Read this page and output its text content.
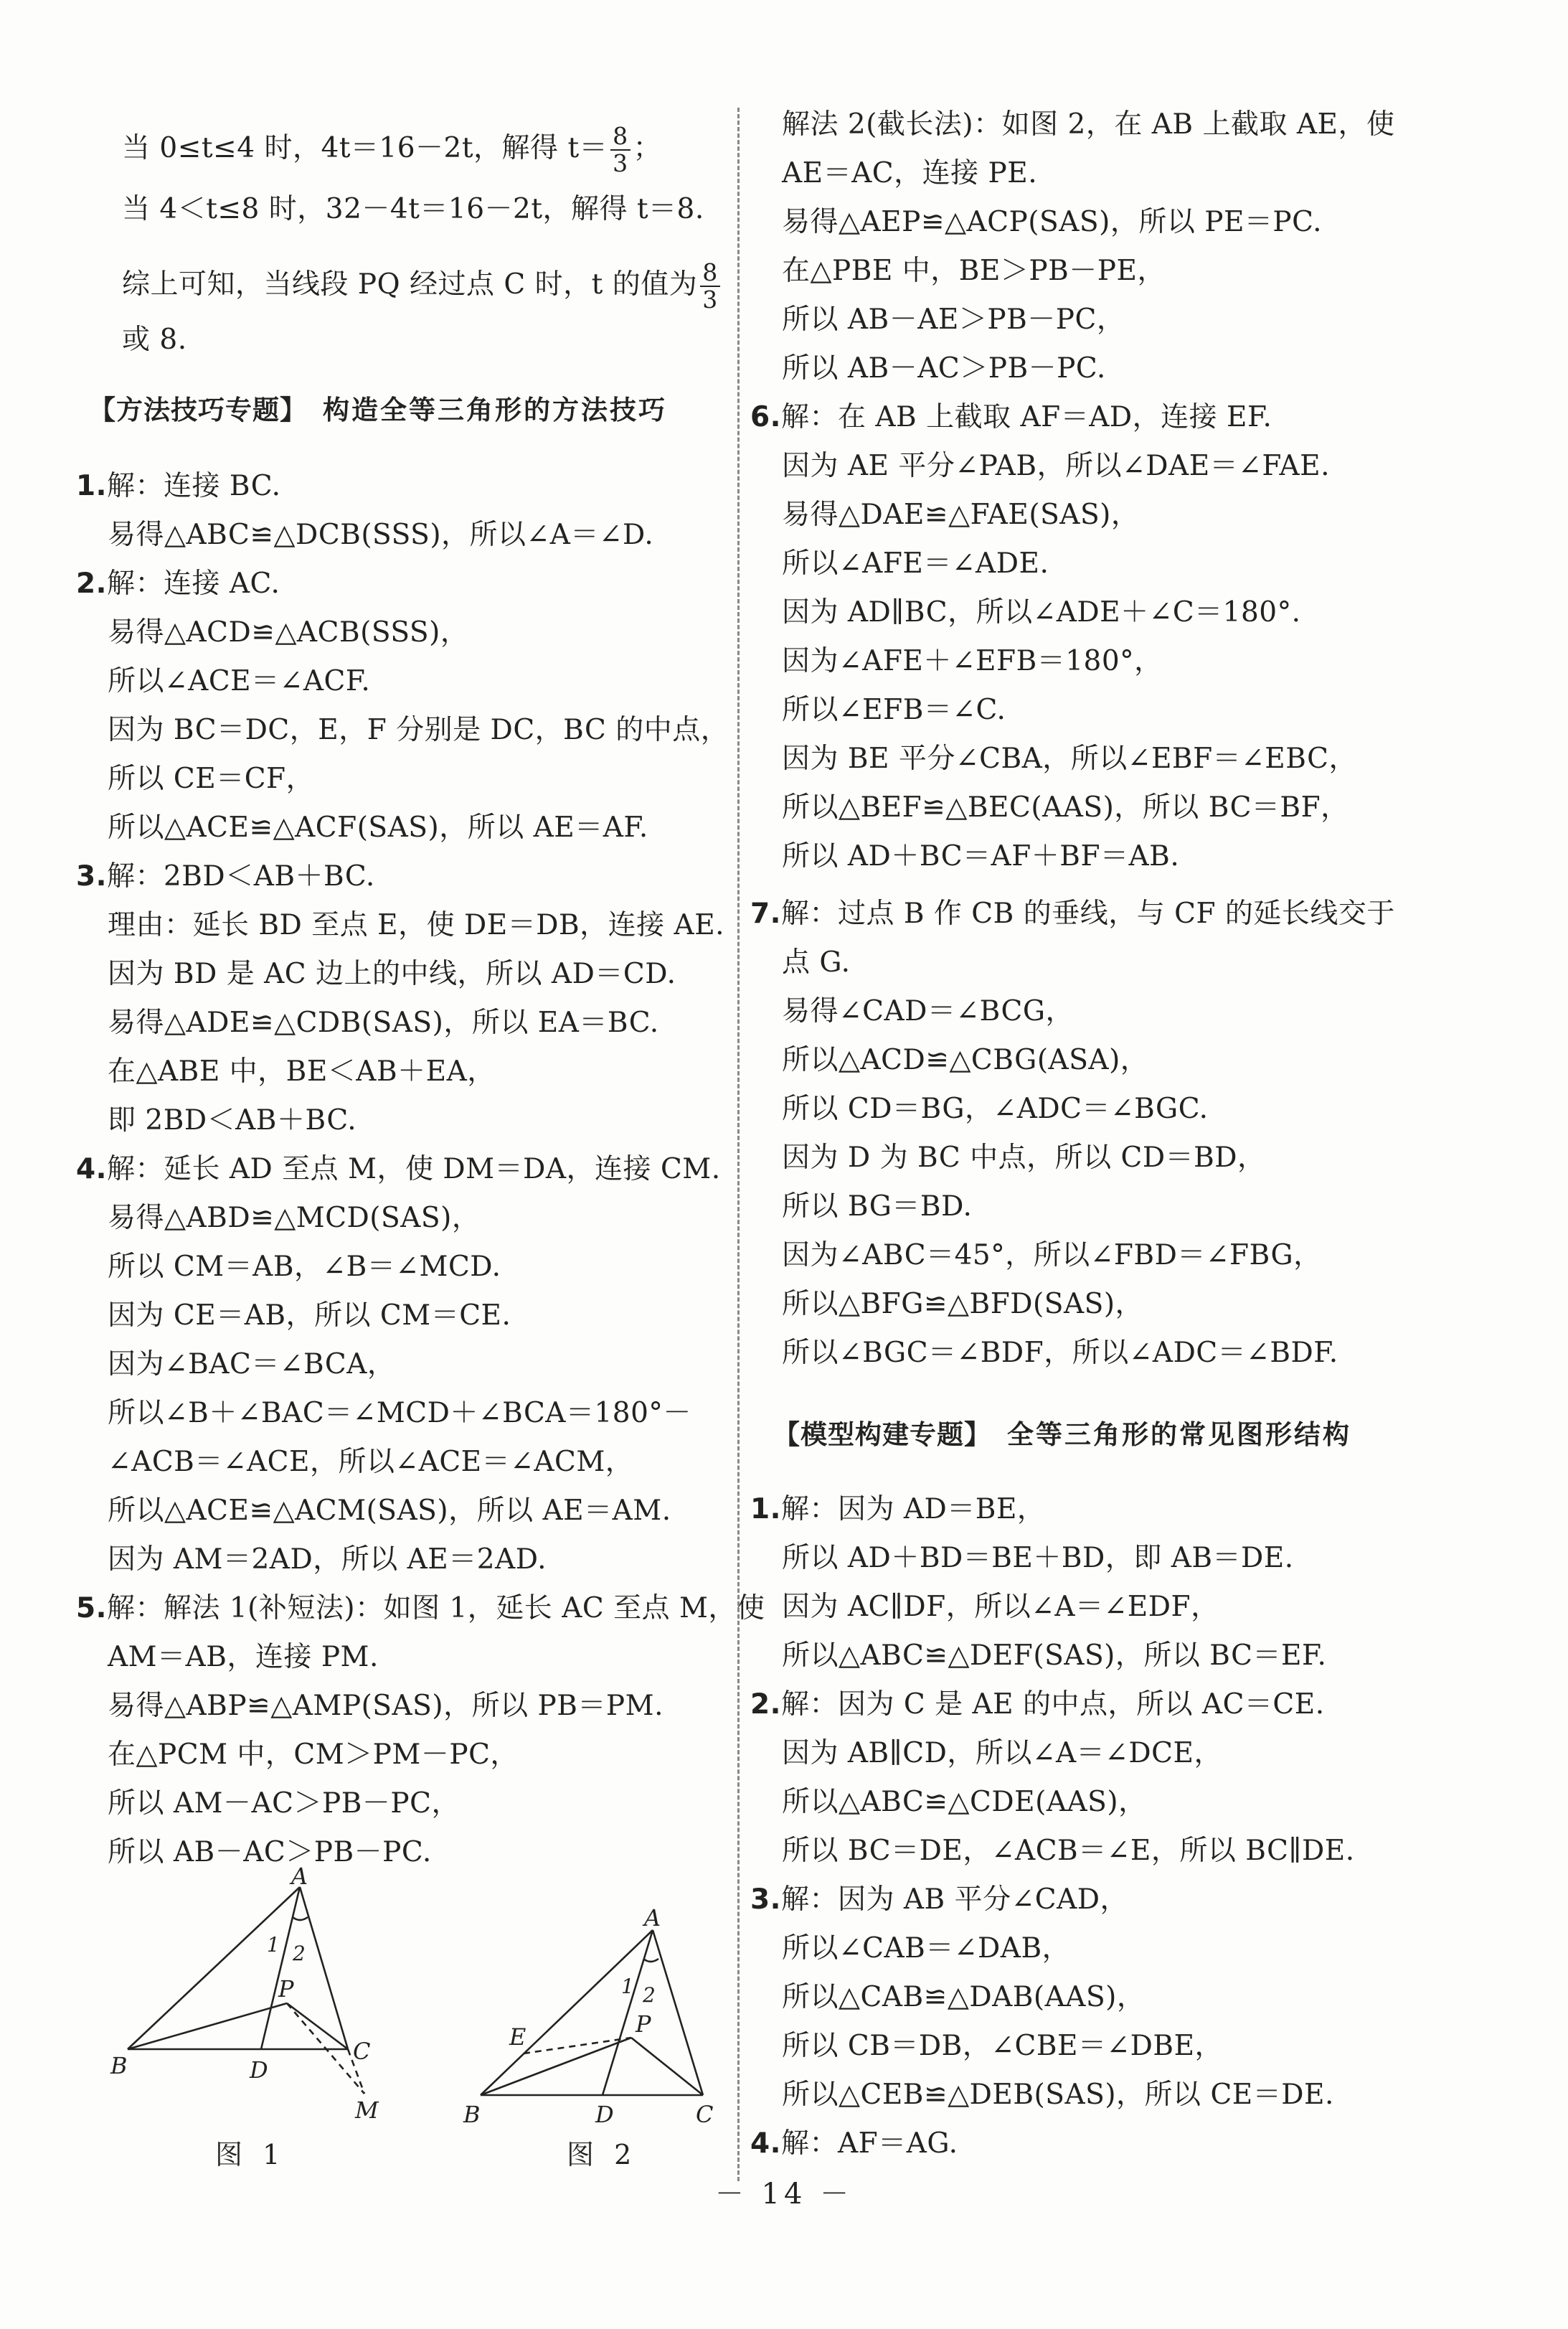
当 0≤t≤4 时，4t＝16－2t，解得 $t= \frac{8}{3}$ ；
当 4＜t≤8 时，32－4t＝16－2t，解得 t＝8.
综上可知，当线段 PQ 经过点 C 时，t 的值为 $\frac{8}{3}$
或 8.
【方法技巧专题】 构造全等三角形的方法技巧
1.解：连接 BC.
易得△ABC≌△DCB(SSS)，所以∠A＝∠D.
2.解：连接 AC.
易得△ACD≌△ACB(SSS)，
所以∠ACE＝∠ACF.
因为 BC＝DC，E，F 分别是 DC，BC 的中点，
所以 CE＝CF，
所以△ACE≌△ACF(SAS)，所以 AE＝AF.
3.解：2BD＜AB＋BC.
理由：延长 BD 至点 E，使 DE＝DB，连接 AE.
因为 BD 是 AC 边上的中线，所以 AD＝CD.
易得△ADE≌△CDB(SAS)，所以 EA＝BC.
在△ABE 中，BE＜AB＋EA，
即 2BD＜AB＋BC.
4.解：延长 AD 至点 M，使 DM＝DA，连接 CM.
易得△ABD≌△MCD(SAS)，
所以 CM＝AB，∠B＝∠MCD.
因为 CE＝AB，所以 CM＝CE.
因为∠BAC＝∠BCA，
所以∠B＋∠BAC＝∠MCD＋∠BCA＝180°－
∠ACB＝∠ACE，所以∠ACE＝∠ACM，
所以△ACE≌△ACM(SAS)，所以 AE＝AM.
因为 AM＝2AD，所以 AE＝2AD.
5.解：解法 1(补短法)：如图 1，延长 AC 至点 M，使
AM＝AB，连接 PM.
易得△ABP≌△AMP(SAS)，所以 PB＝PM.
在△PCM 中，CM＞PM－PC，
所以 AM－AC＞PB－PC，
所以 AB－AC＞PB－PC.
A
B	D
C
P
M
1 2
图 1
A
B	D	C
P
E
1 2
图 2
解法 2(截长法)：如图 2，在 AB 上截取 AE，使
AE＝AC，连接 PE.
易得△AEP≌△ACP(SAS)，所以 PE＝PC.
在△PBE 中，BE＞PB－PE，
所以 AB－AE＞PB－PC，
所以 AB－AC＞PB－PC.
6.解：在 AB 上截取 AF＝AD，连接 EF.
因为 AE 平分∠PAB，所以∠DAE＝∠FAE.
易得△DAE≌△FAE(SAS)，
所以∠AFE＝∠ADE.
因为 AD∥BC，所以∠ADE＋∠C＝180°.
因为∠AFE＋∠EFB＝180°，
所以∠EFB＝∠C.
因为 BE 平分∠CBA，所以∠EBF＝∠EBC，
所以△BEF≌△BEC(AAS)，所以 BC＝BF，
所以 AD＋BC＝AF＋BF＝AB.
7.解：过点 B 作 CB 的垂线，与 CF 的延长线交于
点 G.
易得∠CAD＝∠BCG，
所以△ACD≌△CBG(ASA)，
所以 CD＝BG，∠ADC＝∠BGC.
因为 D 为 BC 中点，所以 CD＝BD，
所以 BG＝BD.
因为∠ABC＝45°，所以∠FBD＝∠FBG，
所以△BFG≌△BFD(SAS)，
所以∠BGC＝∠BDF，所以∠ADC＝∠BDF.
【模型构建专题】 全等三角形的常见图形结构
1.解：因为 AD＝BE，
所以 AD＋BD＝BE＋BD，即 AB＝DE.
因为 AC∥DF，所以∠A＝∠EDF，
所以△ABC≌△DEF(SAS)，所以 BC＝EF.
2.解：因为 C 是 AE 的中点，所以 AC＝CE.
因为 AB∥CD，所以∠A＝∠DCE，
所以△ABC≌△CDE(AAS)，
所以 BC＝DE，∠ACB＝∠E，所以 BC∥DE.
3.解：因为 AB 平分∠CAD，
所以∠CAB＝∠DAB，
所以△CAB≌△DAB(AAS)，
所以 CB＝DB，∠CBE＝∠DBE，
所以△CEB≌△DEB(SAS)，所以 CE＝DE.
4.解：AF＝AG.
－ 14 －
